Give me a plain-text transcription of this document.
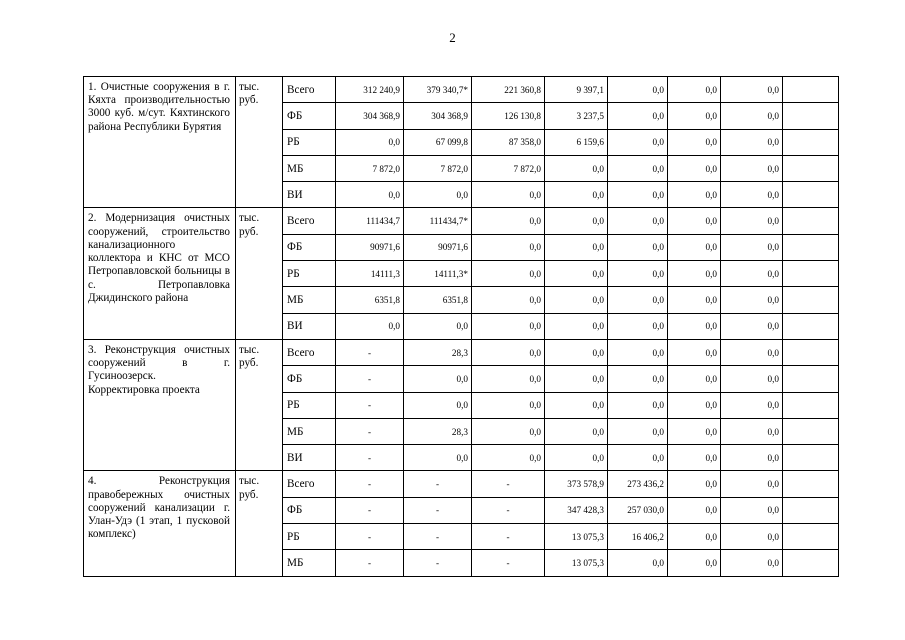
2
1. Очистные сооружения в г. Кяхта производительностью 3000 куб. м/сут. Кяхтинского района Республики Бурятия	тыс. руб.	Всего	312 240,9	379 340,7*	221 360,8	9 397,1	0,0	0,0	0,0	
		ФБ	304 368,9	304 368,9	126 130,8	3 237,5	0,0	0,0	0,0	
		РБ	0,0	67 099,8	87 358,0	6 159,6	0,0	0,0	0,0	
		МБ	7 872,0	7 872,0	7 872,0	0,0	0,0	0,0	0,0	
		ВИ	0,0	0,0	0,0	0,0	0,0	0,0	0,0	
2. Модернизация очистных сооружений, строительство канализационного коллектора и КНС от МСО Петропавловской больницы в с. Петропавловка Джидинского района	тыс. руб.	Всего	111434,7	111434,7*	0,0	0,0	0,0	0,0	0,0	
		ФБ	90971,6	90971,6	0,0	0,0	0,0	0,0	0,0	
		РБ	14111,3	14111,3*	0,0	0,0	0,0	0,0	0,0	
		МБ	6351,8	6351,8	0,0	0,0	0,0	0,0	0,0	
		ВИ	0,0	0,0	0,0	0,0	0,0	0,0	0,0	
3. Реконструкция очистных сооружений в г. Гусиноозерск. Корректировка проекта	тыс. руб.	Всего	-	28,3	0,0	0,0	0,0	0,0	0,0	
		ФБ	-	0,0	0,0	0,0	0,0	0,0	0,0	
		РБ	-	0,0	0,0	0,0	0,0	0,0	0,0	
		МБ	-	28,3	0,0	0,0	0,0	0,0	0,0	
		ВИ	-	0,0	0,0	0,0	0,0	0,0	0,0	
4. Реконструкция правобережных очистных сооружений канализации г. Улан-Удэ (1 этап, 1 пусковой комплекс)	тыс. руб.	Всего	-	-	-	373 578,9	273 436,2	0,0	0,0	
		ФБ	-	-	-	347 428,3	257 030,0	0,0	0,0	
		РБ	-	-	-	13 075,3	16 406,2	0,0	0,0	
		МБ	-	-	-	13 075,3	0,0	0,0	0,0	
